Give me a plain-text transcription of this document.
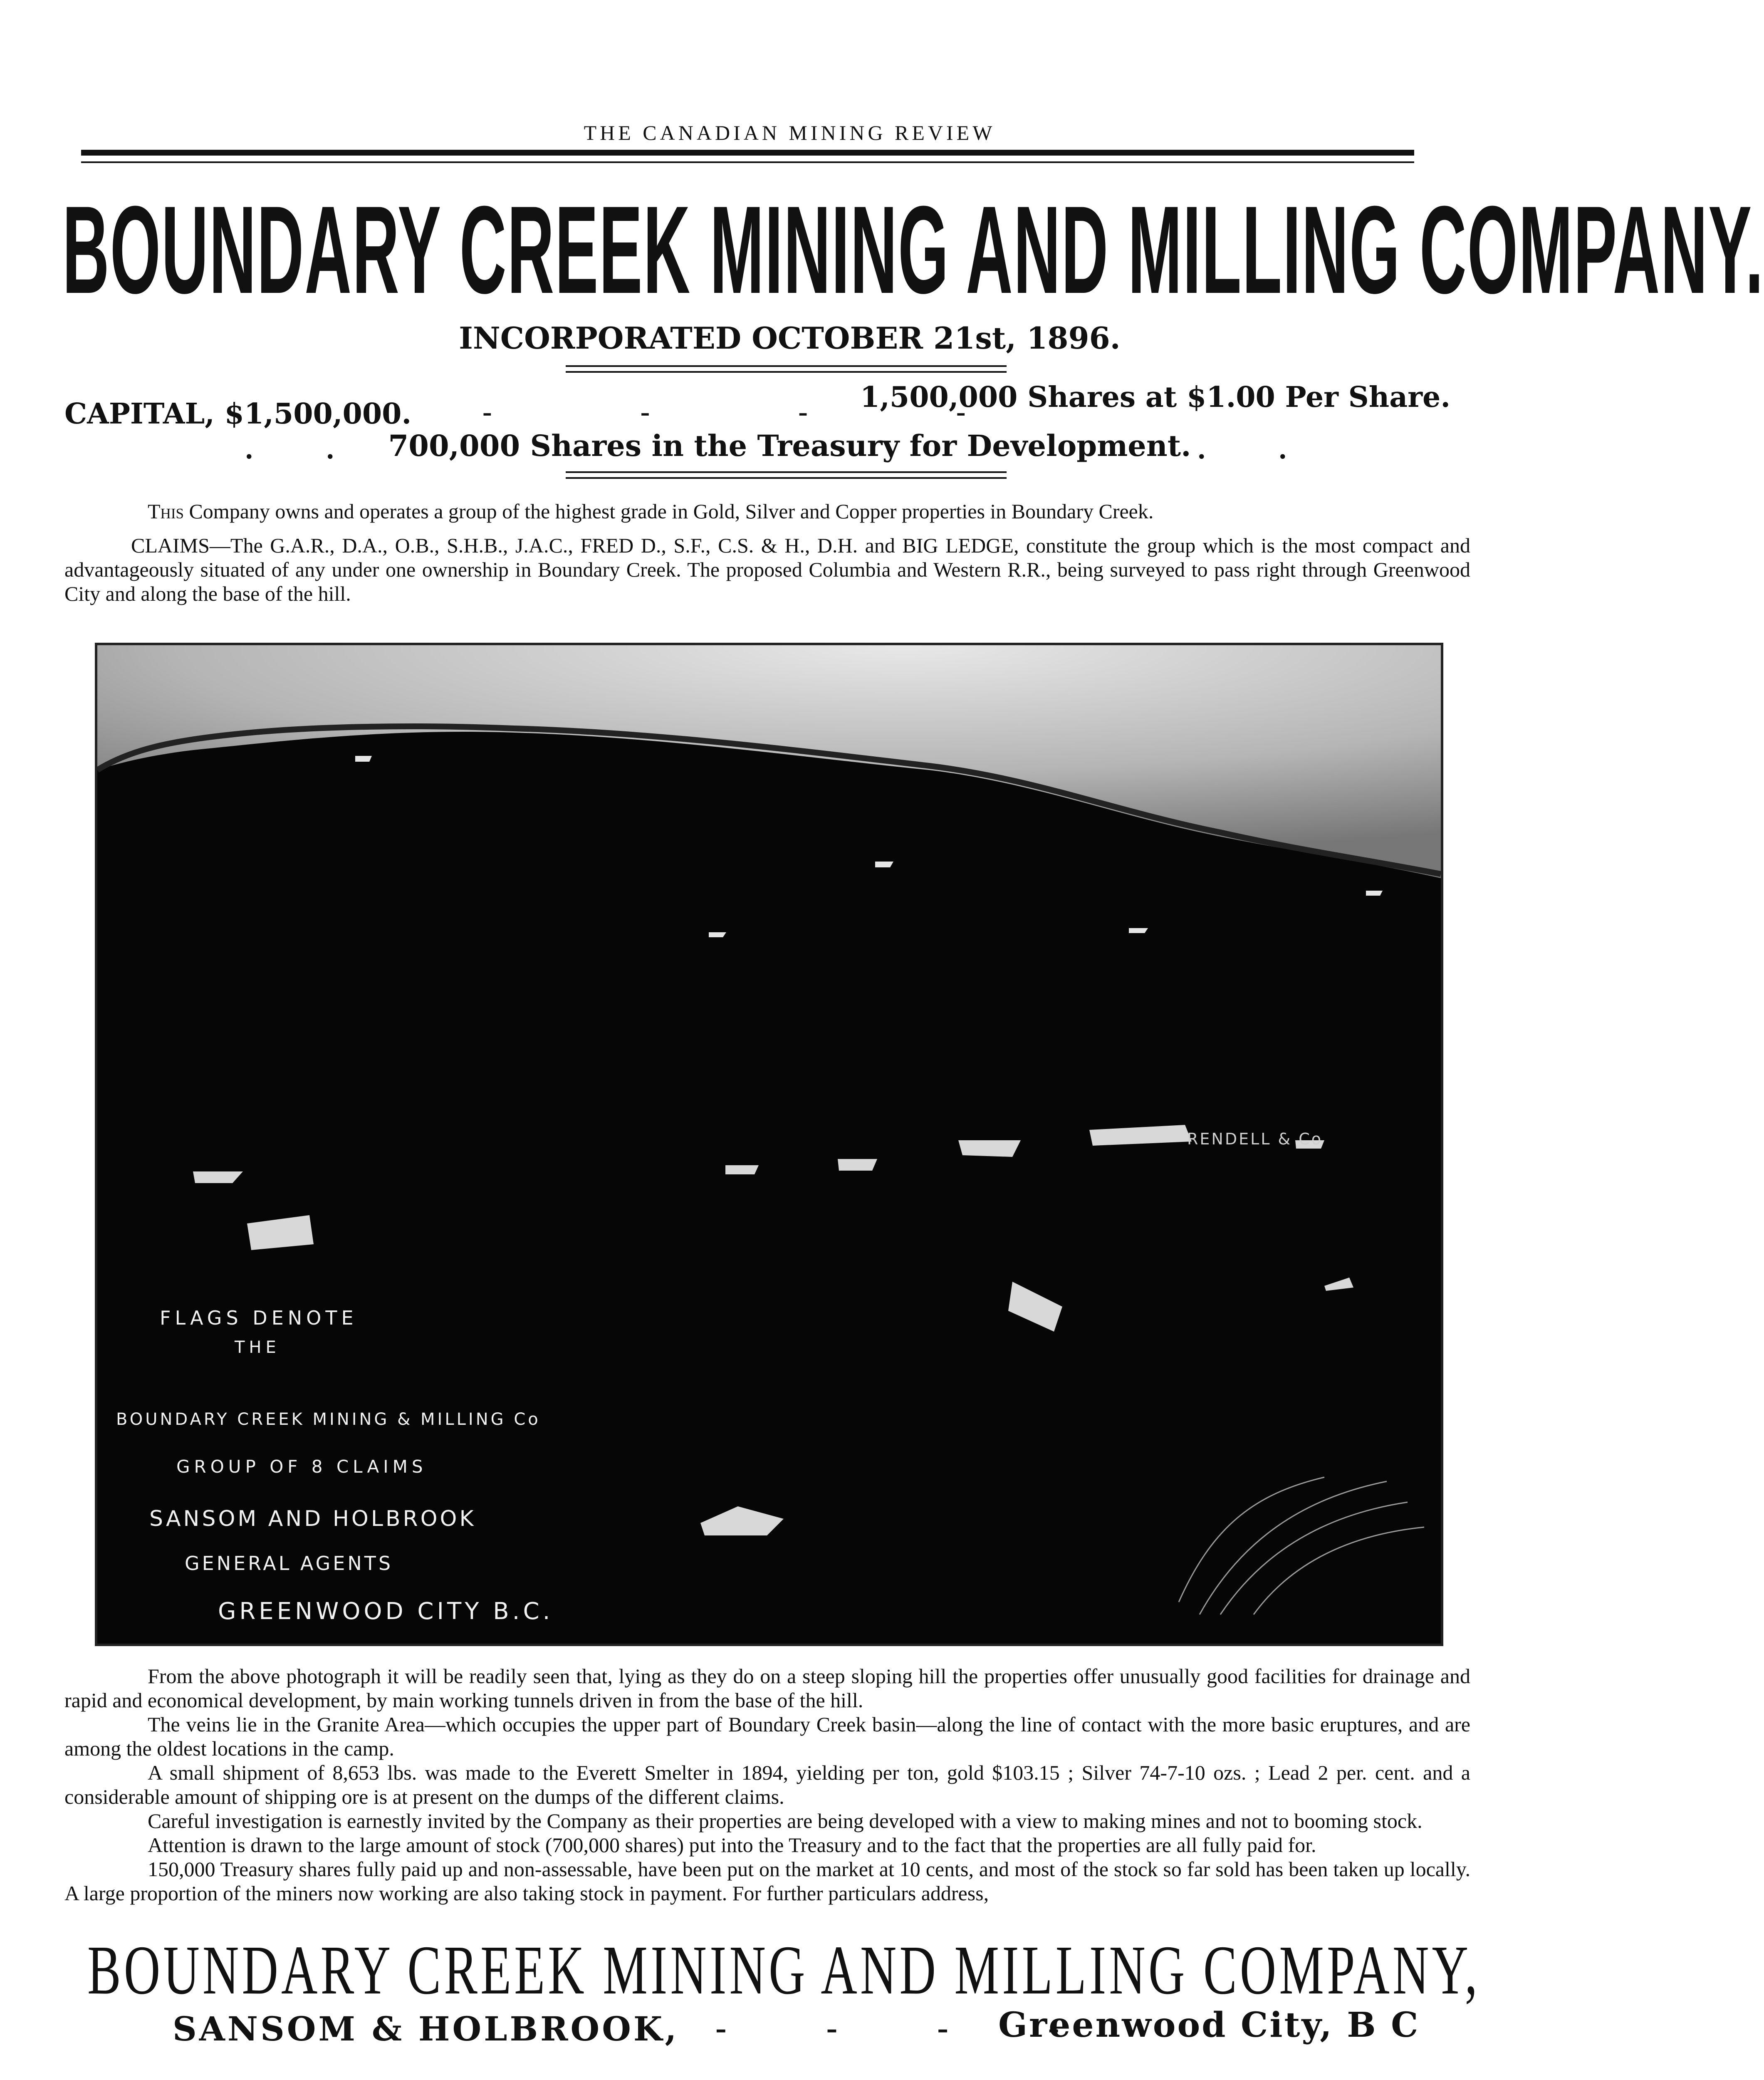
THE CANADIAN MINING REVIEW
BOUNDARY CREEK MINING AND MILLING COMPANY.
INCORPORATED OCTOBER 21st, 1896.
CAPITAL, $1,500,000.	- - - -
1,500,000 Shares at $1.00 Per Share.
. . 700,000 Shares in the Treasury for Development. . .
This Company owns and operates a group of the highest grade in Gold, Silver and Copper properties in Boundary Creek.
CLAIMS—The G.A.R., D.A., O.B., S.H.B., J.A.C., FRED D., S.F., C.S. & H., D.H. and BIG LEDGE, constitute the group which is the most compact and advantageously situated of any under one ownership in Boundary Creek. The proposed Columbia and Western R.R., being surveyed to pass right through Greenwood City and along the base of the hill.
RENDELL & Co
FLAGS DENOTE
THE
BOUNDARY CREEK MINING & MILLING Co
GROUP OF 8 CLAIMS
SANSOM AND HOLBROOK
GENERAL AGENTS
GREENWOOD CITY B.C.

From the above photograph it will be readily seen that, lying as they do on a steep sloping hill the properties offer unusually good facilities for drainage and rapid and economical development, by main working tunnels driven in from the base of the hill.

The veins lie in the Granite Area—which occupies the upper part of Boundary Creek basin—along the line of contact with the more basic eruptures, and are among the oldest locations in the camp.

A small shipment of 8,653 lbs. was made to the Everett Smelter in 1894, yielding per ton, gold $103.15 ; Silver 74-7-10 ozs. ; Lead 2 per. cent. and a considerable amount of shipping ore is at present on the dumps of the different claims.

Careful investigation is earnestly invited by the Company as their properties are being developed with a view to making mines and not to booming stock.

Attention is drawn to the large amount of stock (700,000 shares) put into the Treasury and to the fact that the properties are all fully paid for.

150,000 Treasury shares fully paid up and non-assessable, have been put on the market at 10 cents, and most of the stock so far sold has been taken up locally. A large proportion of the miners now working are also taking stock in payment. For further particulars address,

BOUNDARY CREEK MINING AND MILLING COMPANY,
SANSOM & HOLBROOK, - - - -
Greenwood City, B C
